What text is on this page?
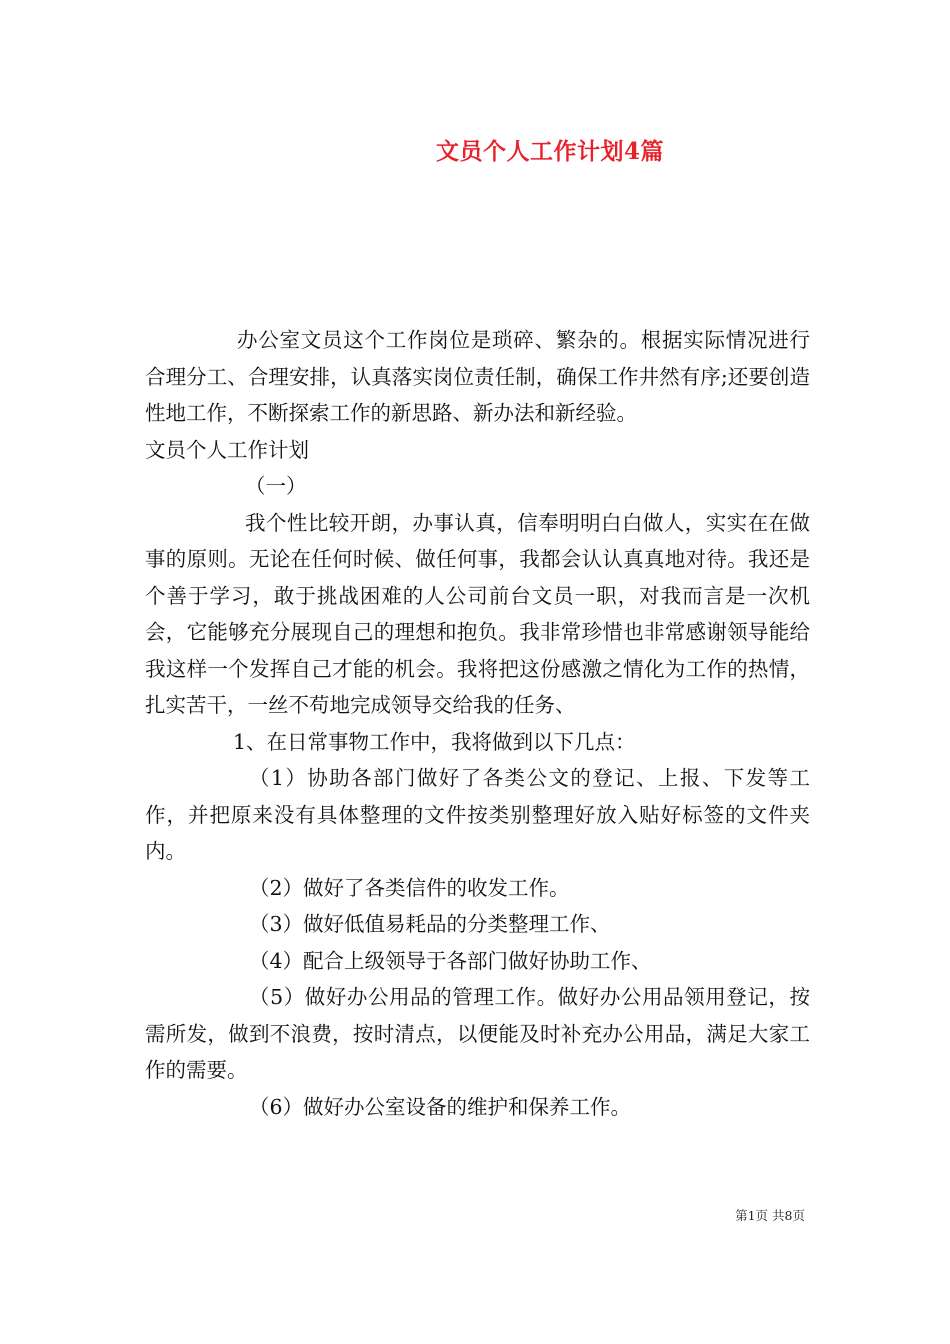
文员个人工作计划4篇

办公室文员这个工作岗位是琐碎、繁杂的。根据实际情况进行合理分工、合理安排，认真落实岗位责任制，确保工作井然有序;还要创造性地工作，不断探索工作的新思路、新办法和新经验。

文员个人工作计划

（一）

我个性比较开朗，办事认真，信奉明明白白做人，实实在在做事的原则。无论在任何时候、做任何事，我都会认认真真地对待。我还是个善于学习，敢于挑战困难的人公司前台文员一职，对我而言是一次机会，它能够充分展现自己的理想和抱负。我非常珍惜也非常感谢领导能给我这样一个发挥自己才能的机会。我将把这份感激之情化为工作的热情，扎实苦干，一丝不苟地完成领导交给我的任务、

1、在日常事物工作中，我将做到以下几点：

（1）协助各部门做好了各类公文的登记、上报、下发等工作，并把原来没有具体整理的文件按类别整理好放入贴好标签的文件夹内。

（2）做好了各类信件的收发工作。

（3）做好低值易耗品的分类整理工作、

（4）配合上级领导于各部门做好协助工作、

（5）做好办公用品的管理工作。做好办公用品领用登记，按需所发，做到不浪费，按时清点，以便能及时补充办公用品，满足大家工作的需要。

（6）做好办公室设备的维护和保养工作。

第1页 共8页
